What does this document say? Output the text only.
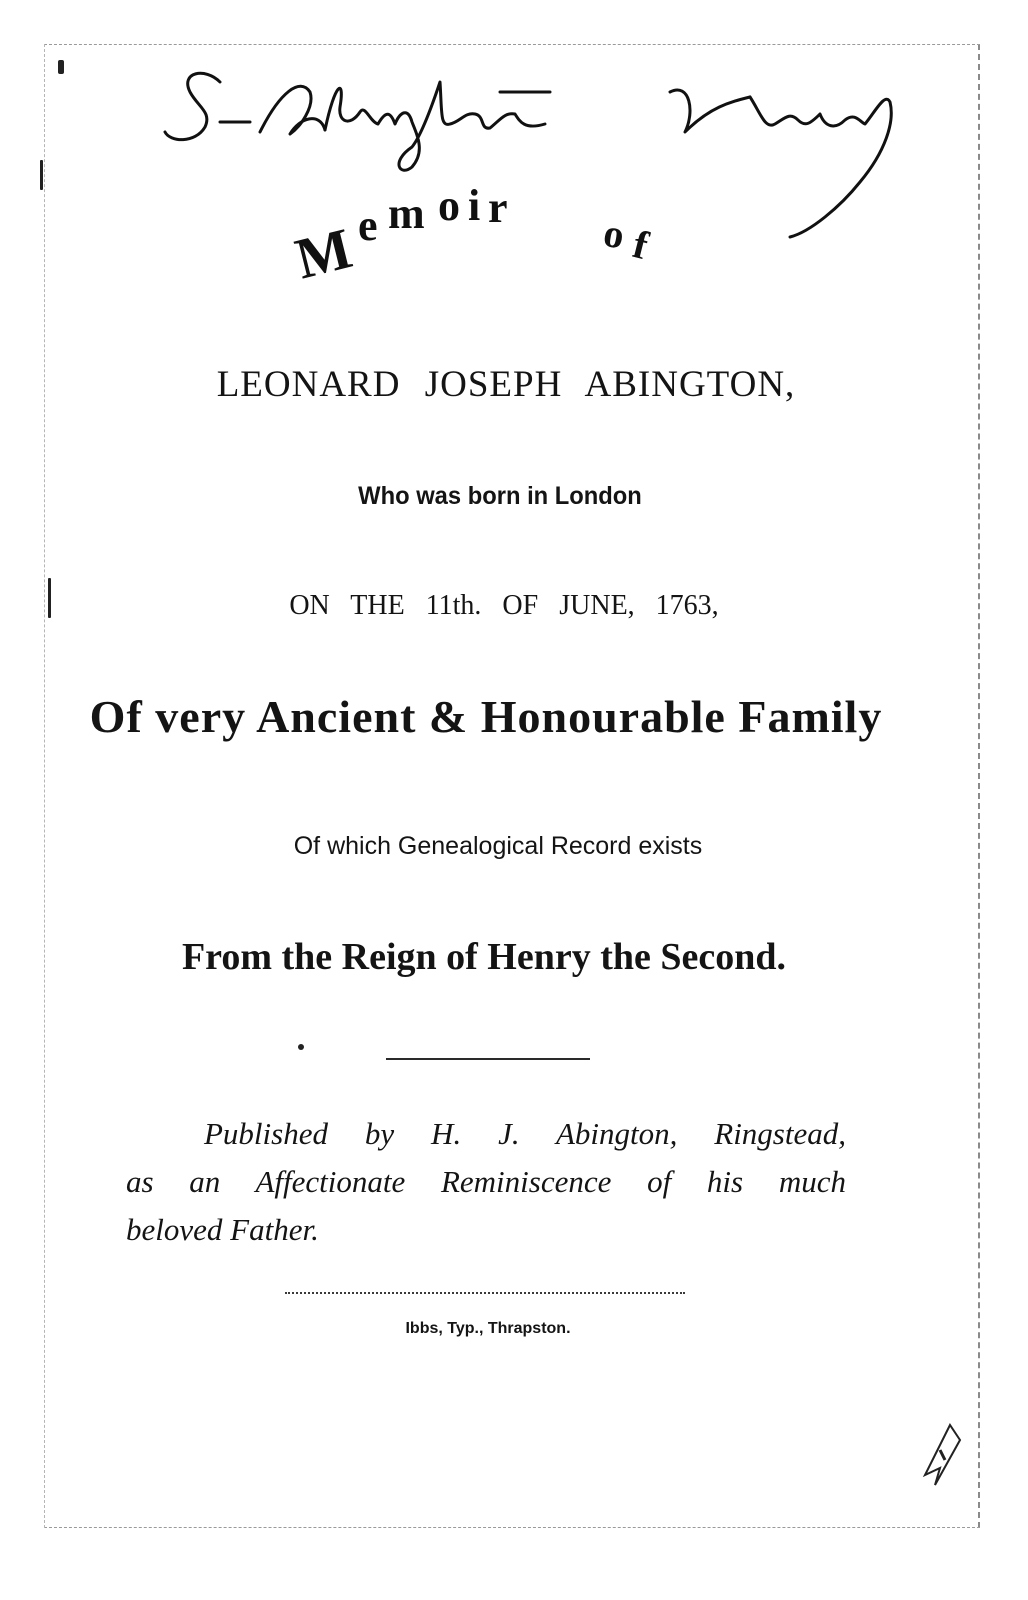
M e m o i r
o f
Memoir of
LEONARD JOSEPH ABINGTON,
Who was born in London
ON THE 11th. OF JUNE, 1763,
Of very Ancient & Honourable Family
Of which Genealogical Record exists
From the Reign of Henry the Second.
Published by H. J. Abington, Ringstead,
as an Affectionate Reminiscence of his much
beloved Father.
Ibbs, Typ., Thrapston.
